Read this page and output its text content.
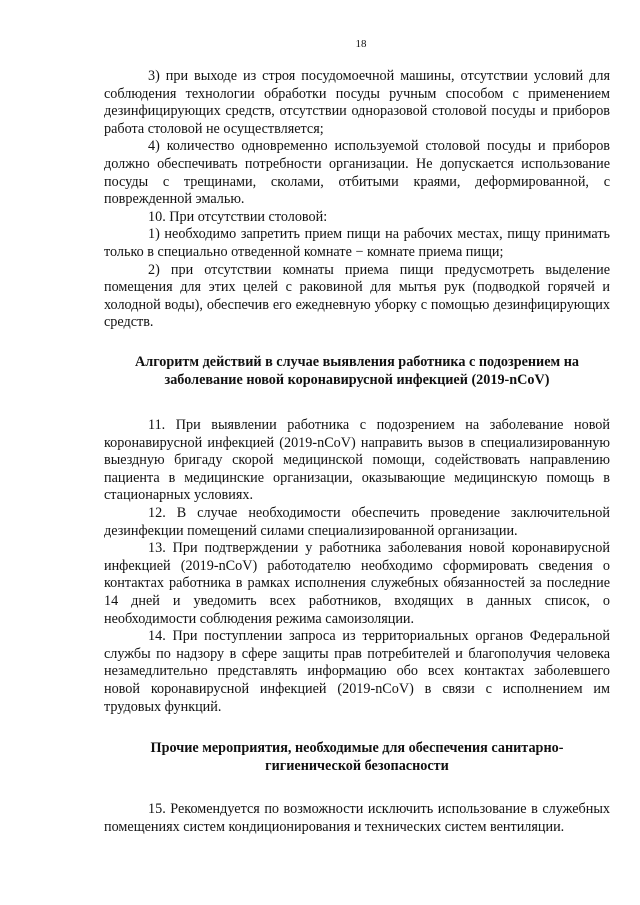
18

3) при выходе из строя посудомоечной машины, отсутствии условий для соблюдения технологии обработки посуды ручным способом с применением дезинфицирующих средств, отсутствии одноразовой столовой посуды и приборов работа столовой не осуществляется;

4) количество одновременно используемой столовой посуды и приборов должно обеспечивать потребности организации. Не допускается использование посуды с трещинами, сколами, отбитыми краями, деформированной, с поврежденной эмалью.

10. При отсутствии столовой:

1) необходимо запретить прием пищи на рабочих местах, пищу принимать только в специально отведенной комнате − комнате приема пищи;

2) при отсутствии комнаты приема пищи предусмотреть выделение помещения для этих целей с раковиной для мытья рук (подводкой горячей и холодной воды), обеспечив его ежедневную уборку с помощью дезинфицирующих средств.

Алгоритм действий в случае выявления работника с подозрением на заболевание новой коронавирусной инфекцией (2019-nCoV)

11. При выявлении работника с подозрением на заболевание новой коронавирусной инфекцией (2019-nCoV) направить вызов в специализированную выездную бригаду скорой медицинской помощи, содействовать направлению пациента в медицинские организации, оказывающие медицинскую помощь в стационарных условиях.

12. В случае необходимости обеспечить проведение заключительной дезинфекции помещений силами специализированной организации.

13. При подтверждении у работника заболевания новой коронавирусной инфекцией (2019-nCoV) работодателю необходимо сформировать сведения о контактах работника в рамках исполнения служебных обязанностей за последние 14 дней и уведомить всех работников, входящих в данных список, о необходимости соблюдения режима самоизоляции.

14. При поступлении запроса из территориальных органов Федеральной службы по надзору в сфере защиты прав потребителей и благополучия человека незамедлительно представлять информацию обо всех контактах заболевшего новой коронавирусной инфекцией (2019-nCoV) в связи с исполнением им трудовых функций.

Прочие мероприятия, необходимые для обеспечения санитарно-гигиенической безопасности

15. Рекомендуется по возможности исключить использование в служебных помещениях систем кондиционирования и технических систем вентиляции.
